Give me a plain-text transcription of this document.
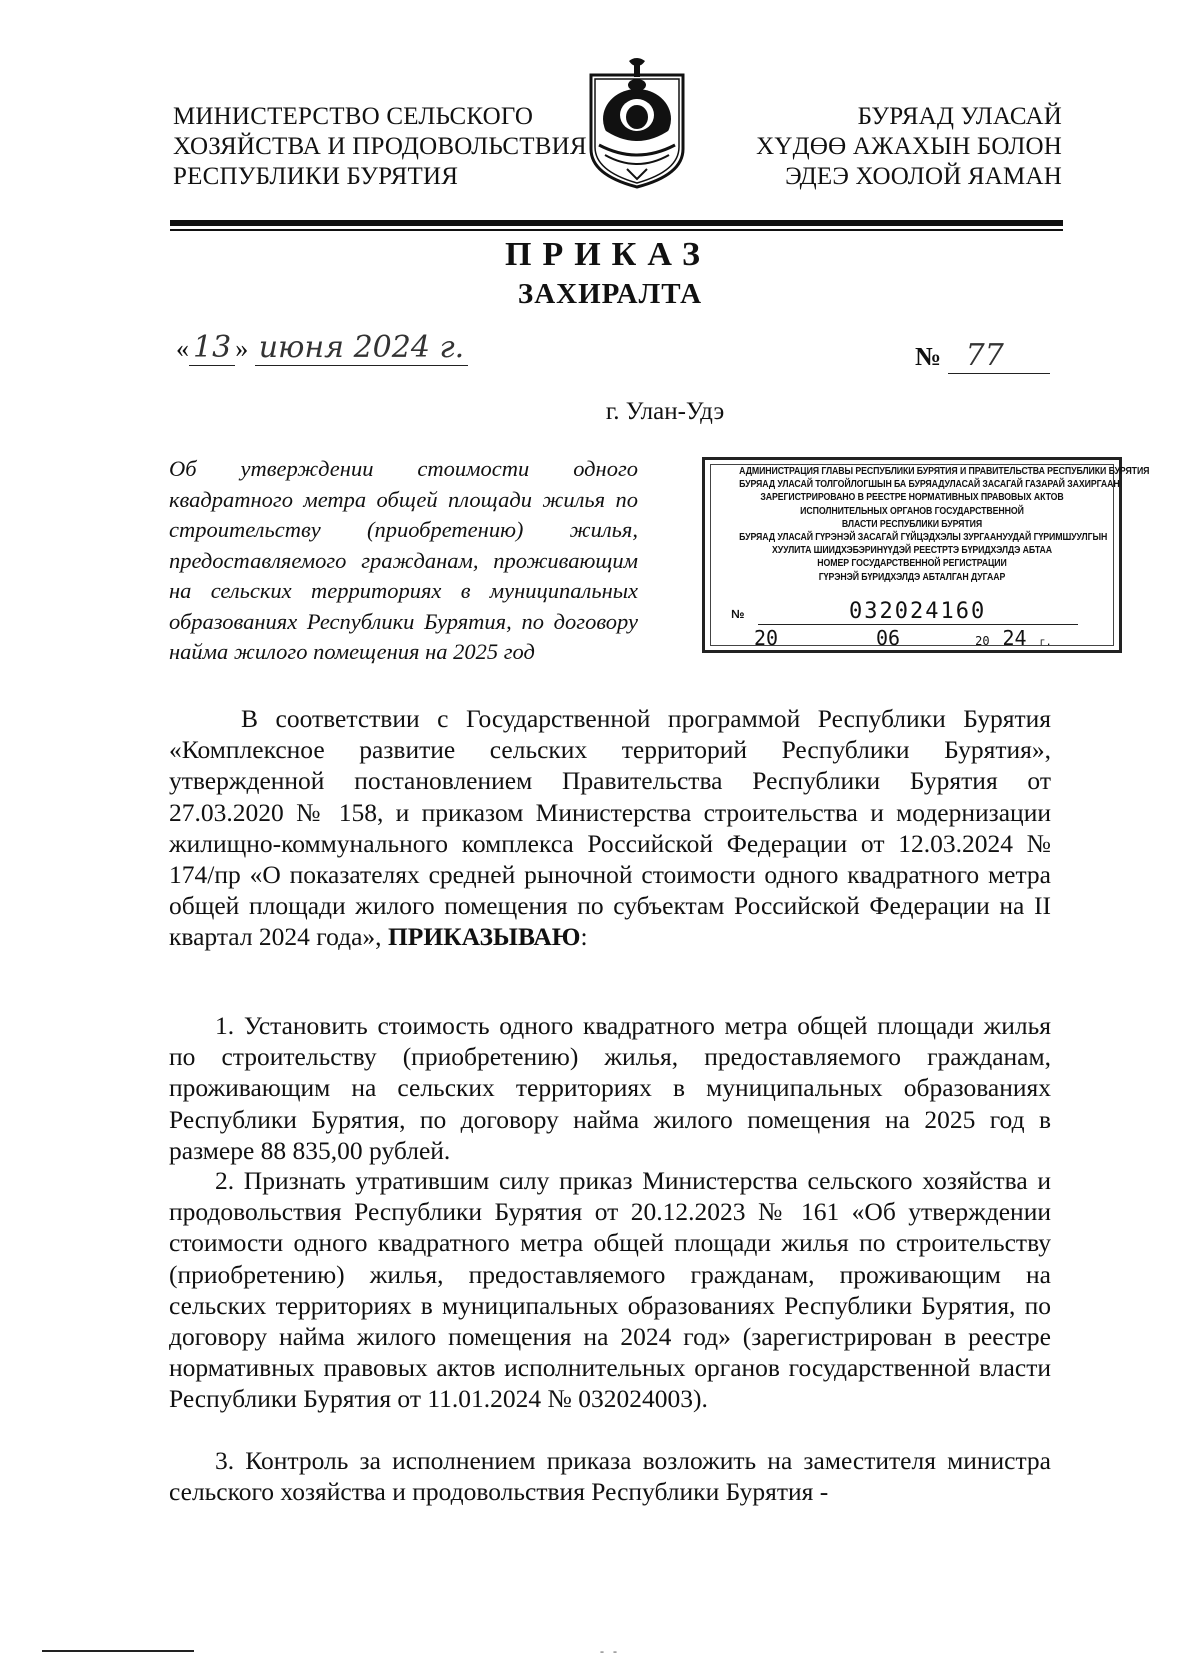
МИНИСТЕРСТВО СЕЛЬСКОГО
ХОЗЯЙСТВА И ПРОДОВОЛЬСТВИЯ
РЕСПУБЛИКИ БУРЯТИЯ
БУРЯАД УЛАСАЙ
ХҮДӨӨ АЖАХЫН БОЛОН
ЭДЕЭ ХООЛОЙ ЯАМАН
ПРИКАЗ
ЗАХИРАЛТА
« 13 » июня 2024 г.	№ 77
г. Улан-Удэ
Об утверждении стоимости одного квадратного метра общей площади жилья по строительству (приобретению) жилья, предоставляемого гражданам, проживающим на сельских территориях в муниципальных образованиях Республики Бурятия, по договору найма жилого помещения на 2025 год
АДМИНИСТРАЦИЯ ГЛАВЫ РЕСПУБЛИКИ БУРЯТИЯ И ПРАВИТЕЛЬСТВА РЕСПУБЛИКИ БУРЯТИЯ
БУРЯАД УЛАСАЙ ТОЛГОЙЛОГШЫН БА БУРЯАДУЛАСАЙ ЗАСАГАЙ ГАЗАРАЙ ЗАХИРГААН
ЗАРЕГИСТРИРОВАНО В РЕЕСТРЕ НОРМАТИВНЫХ ПРАВОВЫХ АКТОВ
ИСПОЛНИТЕЛЬНЫХ ОРГАНОВ ГОСУДАРСТВЕННОЙ
ВЛАСТИ РЕСПУБЛИКИ БУРЯТИЯ
БУРЯАД УЛАСАЙ ГҮРЭНЭЙ ЗАСАГАЙ ГҮЙЦЭДХЭЛЫ ЗУРГААНУУДАЙ ГҮРИМШУУЛГЫН
ХУУЛИТА ШИИДХЭБЭРИНҮҮДЭЙ РЕЕСТРТЭ БҮРИДХЭЛДЭ АБТАА
НОМЕР ГОСУДАРСТВЕННОЙ РЕГИСТРАЦИИ
ГҮРЭНЭЙ БҮРИДХЭЛДЭ АБТАЛГАН ДУГААР
№	032024160
20	06	20 24 г.
В соответствии с Государственной программой Республики Бурятия «Комплексное развитие сельских территорий Республики Бурятия», утвержденной постановлением Правительства Республики Бурятия от 27.03.2020 № 158, и приказом Министерства строительства и модернизации жилищно-коммунального комплекса Российской Федерации от 12.03.2024 № 174/пр «О показателях средней рыночной стоимости одного квадратного метра общей площади жилого помещения по субъектам Российской Федерации на II квартал 2024 года», ПРИКАЗЫВАЮ:
1. Установить стоимость одного квадратного метра общей площади жилья по строительству (приобретению) жилья, предоставляемого гражданам, проживающим на сельских территориях в муниципальных образованиях Республики Бурятия, по договору найма жилого помещения на 2025 год в размере 88 835,00 рублей.
2. Признать утратившим силу приказ Министерства сельского хозяйства и продовольствия Республики Бурятия от 20.12.2023 № 161 «Об утверждении стоимости одного квадратного метра общей площади жилья по строительству (приобретению) жилья, предоставляемого гражданам, проживающим на сельских территориях в муниципальных образованиях Республики Бурятия, по договору найма жилого помещения на 2024 год» (зарегистрирован в реестре нормативных правовых актов исполнительных органов государственной власти Республики Бурятия от 11.01.2024 № 032024003).
3. Контроль за исполнением приказа возложить на заместителя министра сельского хозяйства и продовольствия Республики Бурятия -
- -
